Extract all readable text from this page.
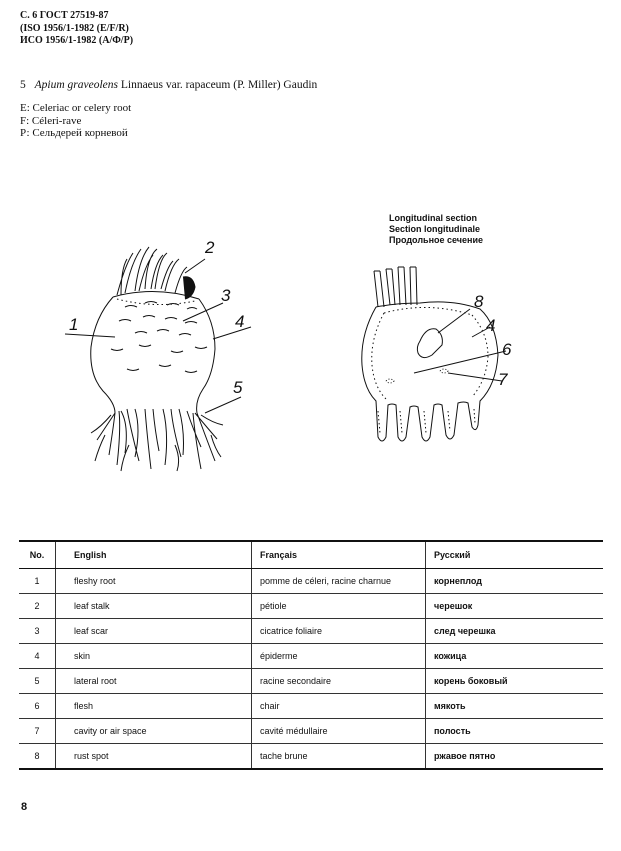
С. 6 ГОСТ 27519-87
(ISO 1956/1-1982 (E/F/R)
ИСО 1956/1-1982 (А/Ф/Р)
5 Apium graveolens Linnaeus var. rapaceum (P. Miller) Gaudin
E: Celeriac or celery root
F: Céleri-rave
Р: Сельдерей корневой
1
2
3
4
5
Longitudinal section
Section longitudinale
Продольное сечение
8
4
6
7
No.	English	Français	Русский
1	fleshy root	pomme de céleri, racine charnue	корнеплод
2	leaf stalk	pétiole	черешок
3	leaf scar	cicatrice foliaire	след черешка
4	skin	épiderme	кожица
5	lateral root	racine secondaire	корень боковый
6	flesh	chair	мякоть
7	cavity or air space	cavité médullaire	полость
8	rust spot	tache brune	ржавое пятно
8
